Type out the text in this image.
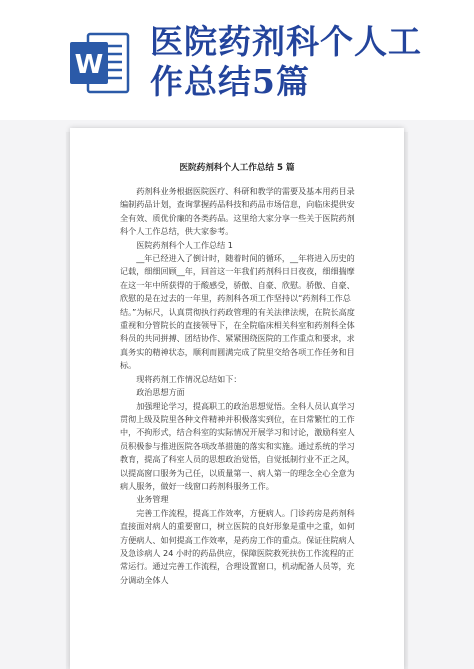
W
医院药剂科个人工作总结5篇
医院药剂科个人工作总结 5 篇

药剂科业务根据医院医疗、科研和教学的需要及基本用药目录编制药品计划，查询掌握药品科技和药品市场信息，向临床提供安全有效、质优价廉的各类药品。这里给大家分享一些关于医院药剂科个人工作总结，供大家参考。

医院药剂科个人工作总结 1

__年已经进入了倒计时，随着时间的循环，__年将进入历史的记载，细细回顾__年，回首这一年我们药剂科日日夜夜，细细揣摩在这一年中所获得的于酸感受，骄傲、自豪、欣慰。骄傲、自豪、欣慰的是在过去的一年里，药剂科各项工作坚持以“药剂科工作总结。”为标尺，认真贯彻执行药政管理的有关法律法规，在院长高度重视和分管院长的直接领导下，在全院临床相关科室和药剂科全体科员的共同拼搏、团结协作、紧紧围绕医院的工作重点和要求，求真务实的精神状态，顺利而圆满完成了院里交给各项工作任务和目标。

现将药剂工作情况总结如下：

政治思想方面

加强理论学习，提高职工的政治思想觉悟。全科人员认真学习贯彻上级及院里各种文件精神并积极落实到位，在日常繁忙的工作中，不拘形式，结合科室的实际情况开展学习和讨论，激励科室人员积极参与推进医院各项改革措施的落实和实施。通过系统的学习教育，提高了科室人员的思想政治觉悟，自觉抵制行业不正之风，以提高窗口服务为己任，以质量第一、病人第一的理念全心全意为病人服务，做好一线窗口药剂科服务工作。

业务管理

完善工作流程，提高工作效率，方便病人。门诊药房是药剂科直接面对病人的重要窗口，树立医院的良好形象是重中之重，如何方便病人、如何提高工作效率，是药房工作的重点。保证住院病人及急诊病人 24 小时的药品供应，保障医院救死扶伤工作流程的正常运行。通过完善工作流程，合理设置窗口，机动配备人员等，充分调动全体人
